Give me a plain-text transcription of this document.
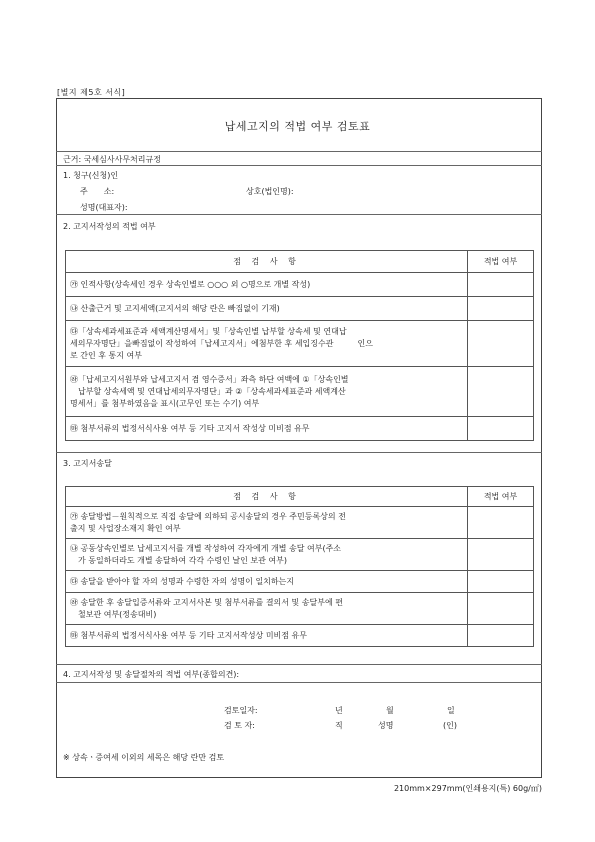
[별지 제5호 서식]
납세고지의 적법 여부 검토표
근거: 국세심사사무처리규정
1. 청구(신청)인
주　　소:	상호(법인명):
성명(대표자):
2. 고지서작성의 적법 여부
점 검 사 항	적법 여부

㉮ 인적사항(상속세인 경우 상속인별로 ○○○ 외 ○명으로 개별 작성)	

㉯ 산출근거 및 고지세액(고지서의 해당 란은 빠짐없이 기재)	

㉰「상속세과세표준과 세액계산명세서」및「상속인별 납부할 상속세 및 연대납
세의무자명단」을빠짐없이 작성하여「납세고지서」에첨부한 후 세입징수관　　　인으
로 간인 후 통지 여부	

㉱「납세고지서원부와 납세고지서 겸 영수증서」좌측 하단 여백에 ①「상속인별
　납부할 상속세액 및 연대납세의무자명단」과 ②「상속세과세표준과 세액계산
명세서」를 첨부하였음을 표시(고무인 또는 수기) 여부	

㉲ 첨부서류의 법정서식사용 여부 등 기타 고지서 작성상 미비점 유무	

3. 고지서송달
점 검 사 항	적법 여부

㉮ 송달방법－원칙적으로 직접 송달에 의하되 공시송달의 경우 주민등록상의 전
출지 및 사업장소재지 확인 여부	

㉯ 공동상속인별로 납세고지서를 개별 작성하여 각자에게 개별 송달 여부(주소
　가 동일하더라도 개별 송달하여 각각 수령인 날인 보관 여부)	

㉰ 송달을 받아야 할 자의 성명과 수령한 자의 성명이 일치하는지	

㉱ 송달한 후 송달입증서류와 고지서사본 및 첨부서류를 결의서 및 송달부에 편
　철보관 여부(정송대비)	

㉲ 첨부서류의 법정서식사용 여부 등 기타 고지서작성상 미비점 유무	

4. 고지서작성 및 송달절차의 적법 여부(종합의견):
검토일자:	년	월	일
검 토 자:	직	성명	(인)
※ 상속ㆍ증여세 이외의 세목은 해당 란만 검토
210mm×297mm(인쇄용지(특) 60g/㎡)
